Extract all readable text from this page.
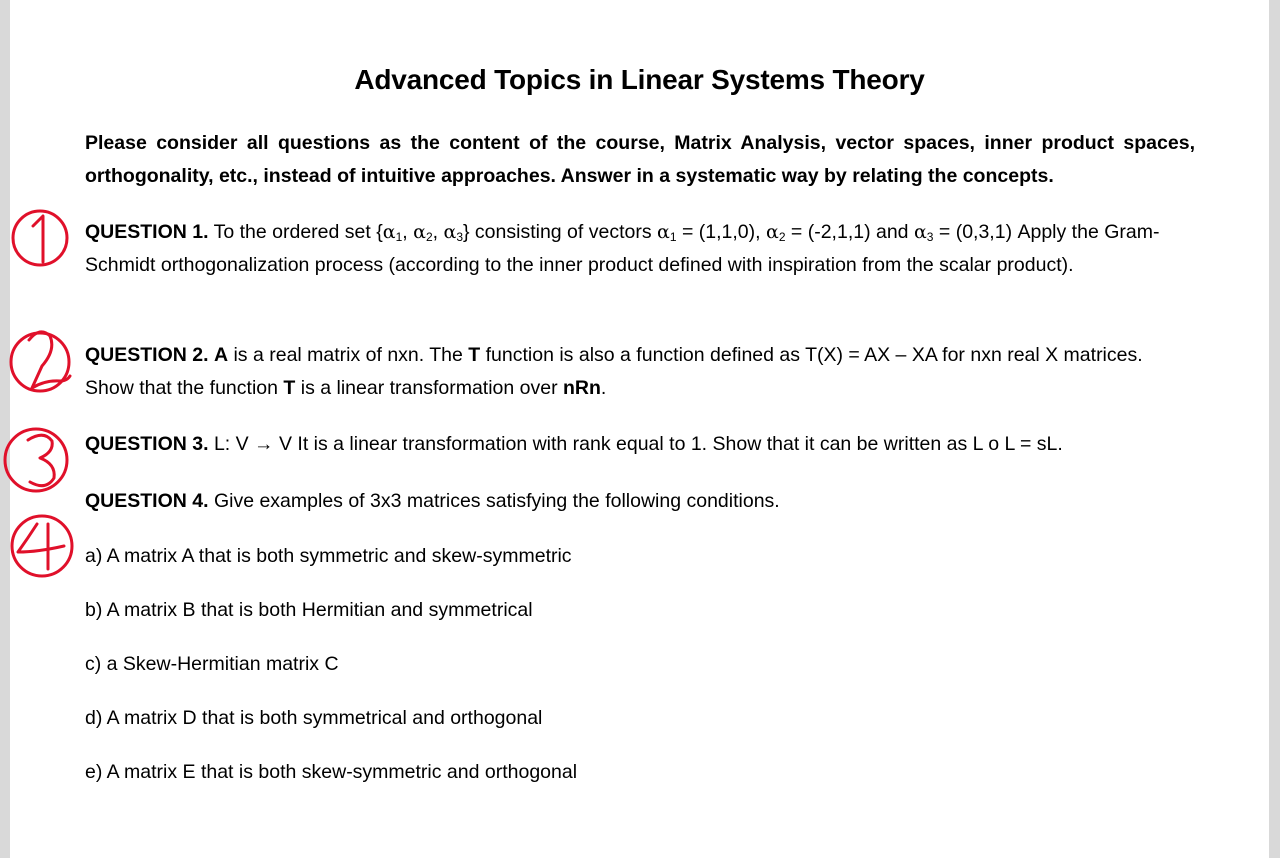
Advanced Topics in Linear Systems Theory
Please consider all questions as the content of the course, Matrix Analysis, vector spaces, inner product spaces, orthogonality, etc., instead of intuitive approaches. Answer in a systematic way by relating the concepts.
QUESTION 1. To the ordered set {$\alpha_1$, $\alpha_2$, $\alpha_3$} consisting of vectors $\alpha_1 = (1,1,0)$, $\alpha_2 = (-2,1,1)$ and $\alpha_3 = (0,3,1)$ Apply the Gram-Schmidt orthogonalization process (according to the inner product defined with inspiration from the scalar product).
QUESTION 2. A is a real matrix of nxn. The T function is also a function defined as T(X) = AX – XA for nxn real X matrices. Show that the function T is a linear transformation over nRn.
QUESTION 3. L: V → V It is a linear transformation with rank equal to 1. Show that it can be written as L o L = sL.
QUESTION 4. Give examples of 3x3 matrices satisfying the following conditions.
a) A matrix A that is both symmetric and skew-symmetric
b) A matrix B that is both Hermitian and symmetrical
c) a Skew-Hermitian matrix C
d) A matrix D that is both symmetrical and orthogonal
e) A matrix E that is both skew-symmetric and orthogonal
